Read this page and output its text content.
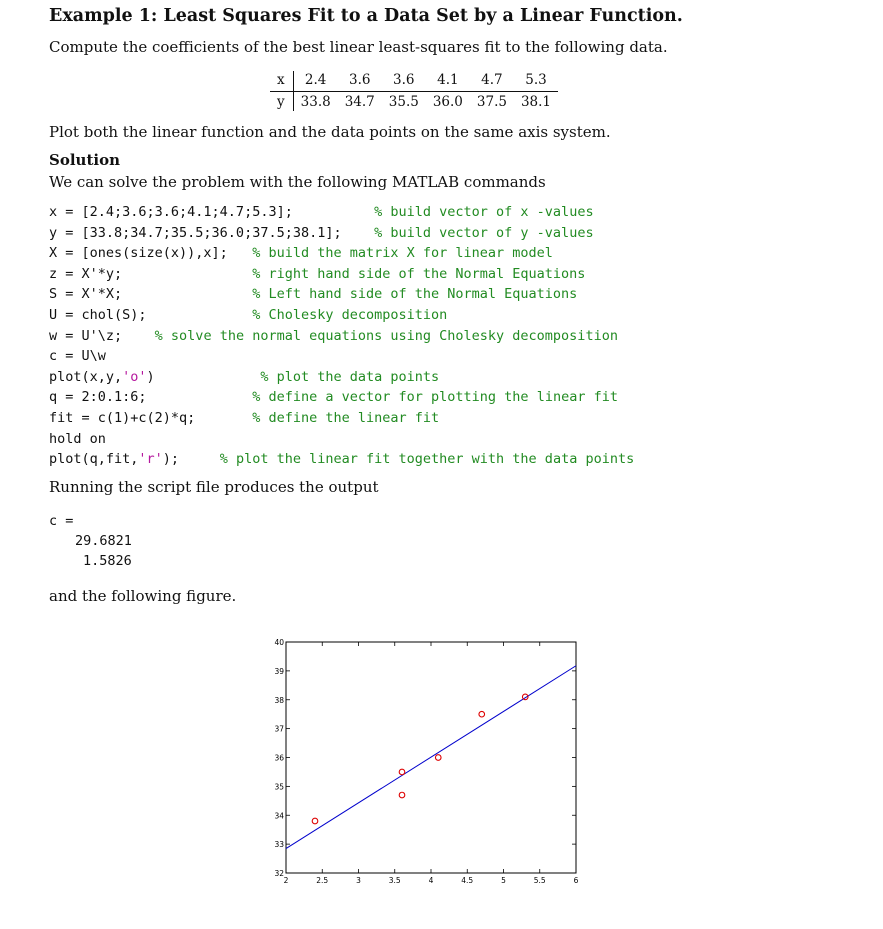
Example 1: Least Squares Fit to a Data Set by a Linear Function.
Compute the coefficients of the best linear least-squares fit to the following data.
x	2.4	3.6	3.6	4.1	4.7	5.3
y	33.8	34.7	35.5	36.0	37.5	38.1
Plot both the linear function and the data points on the same axis system.
Solution
We can solve the problem with the following MATLAB commands
x = [2.4;3.6;3.6;4.1;4.7;5.3];	% build vector of x -values
y = [33.8;34.7;35.5;36.0;37.5;38.1]; % build vector of y -values
X = [ones(size(x)),x]; % build the matrix X for linear model
z = X'*y;	% right hand side of the Normal Equations
S = X'*X;	% Left hand side of the Normal Equations
U = chol(S);	% Cholesky decomposition
w = U'\z; % solve the normal equations using Cholesky decomposition
c = U\w
plot(x,y,'o')	% plot the data points
q = 2:0.1:6;	% define a vector for plotting the linear fit
fit = c(1)+c(2)*q;	% define the linear fit
hold on
plot(q,fit,'r');	% plot the linear fit together with the data points
Running the script file produces the output
c =
29.6821
1.5826
and the following figure.
2	2.5	3	3.5	4	4.5	5	5.5	6
32
33
34
35
36
37
38
39
40
